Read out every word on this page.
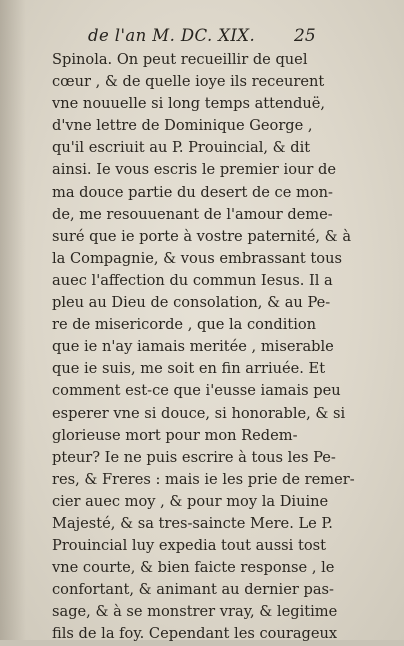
de l'an M. DC. XIX. 25
Spinola. On peut recueillir de quel
cœur , & de quelle ioye ils receurent
vne nouuelle si long temps attenduë,
d'vne lettre de Dominique George ,
qu'il escriuit au P. Prouincial, & dit
ainsi. Ie vous escris le premier iour de
ma douce partie du desert de ce mon-
de, me resouuenant de l'amour deme-
suré que ie porte à vostre paternité, & à
la Compagnie, & vous embrassant tous
auec l'affection du commun Iesus. Il a
pleu au Dieu de consolation, & au Pe-
re de misericorde , que la condition
que ie n'ay iamais meritée , miserable
que ie suis, me soit en fin arriuée. Et
comment est-ce que i'eusse iamais peu
esperer vne si douce, si honorable, & si
glorieuse mort pour mon Redem-
pteur? Ie ne puis escrire à tous les Pe-
res, & Freres : mais ie les prie de remer-
cier auec moy , & pour moy la Diuine
Majesté, & sa tres-saincte Mere. Le P.
Prouincial luy expedia tout aussi tost
vne courte, & bien faicte response , le
confortant, & animant au dernier pas-
sage, & à se monstrer vray, & legitime
fils de la foy. Cependant les courageux
